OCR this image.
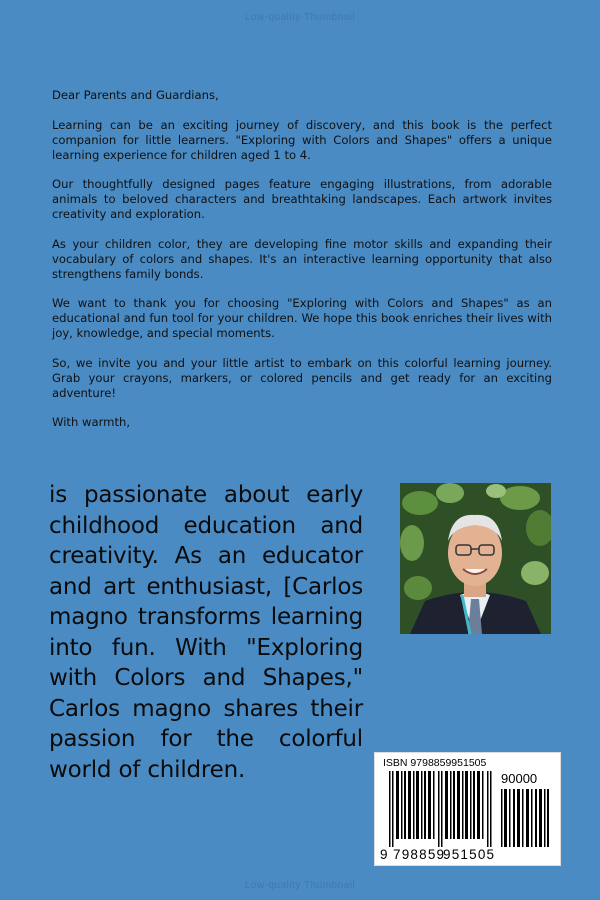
Low-quality Thumbnail

Dear Parents and Guardians,

Learning can be an exciting journey of discovery, and this book is the perfect companion for little learners. "Exploring with Colors and Shapes" offers a unique learning experience for children aged 1 to 4.

Our thoughtfully designed pages feature engaging illustrations, from adorable animals to beloved characters and breathtaking landscapes. Each artwork invites creativity and exploration.

As your children color, they are developing fine motor skills and expanding their vocabulary of colors and shapes. It's an interactive learning opportunity that also strengthens family bonds.

We want to thank you for choosing "Exploring with Colors and Shapes" as an educational and fun tool for your children. We hope this book enriches their lives with joy, knowledge, and special moments.

So, we invite you and your little artist to embark on this colorful learning journey. Grab your crayons, markers, or colored pencils and get ready for an exciting adventure!

With warmth,

is passionate about early childhood education and creativity. As an educator and art enthusiast, [Carlos magno transforms learning into fun. With "Exploring with Colors and Shapes," Carlos magno shares their passion for the colorful world of children.	ISBN 9798859951505
90000
9 798859
951505
Low-quality Thumbnail
